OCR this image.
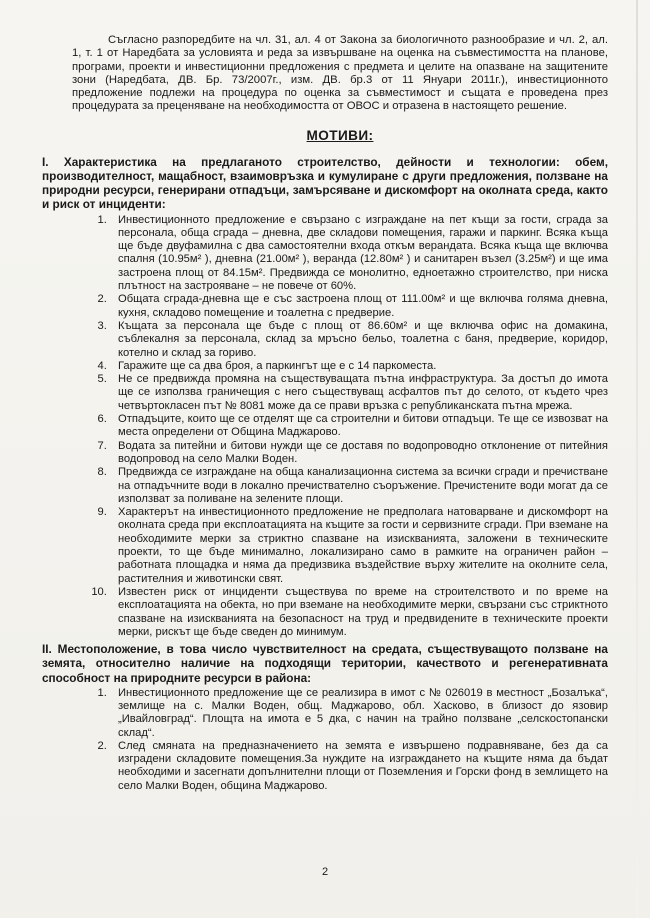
Съгласно разпоредбите на чл. 31, ал. 4 от Закона за биологичното разнообразие и чл. 2, ал. 1, т. 1 от Наредбата за условията и реда за извършване на оценка на съвместимостта на планове, програми, проекти и инвестиционни предложения с предмета и целите на опазване на защитените зони (Наредбата, ДВ. Бр. 73/2007г., изм. ДВ. бр.3 от 11 Януари 2011г.), инвестиционното предложение подлежи на процедура по оценка за съвместимост и същата е проведена през процедурата за преценяване на необходимостта от ОВОС и отразена в настоящето решение.

МОТИВИ:
I. Характеристика на предлаганото строителство, дейности и технологии: обем, производителност, мащабност, взаимовръзка и кумулиране с други предложения, ползване на природни ресурси, генерирани отпадъци, замърсяване и дискомфорт на околната среда, както и риск от инциденти:
1. Инвестиционното предложение е свързано с изграждане на пет къщи за гости, сграда за персонала, обща сграда – дневна, две складови помещения, гаражи и паркинг. Всяка къща ще бъде двуфамилна с два самостоятелни входа откъм верандата. Всяка къща ще включва спалня (10.95м² ), дневна (21.00м² ), веранда (12.80м² ) и санитарен възел (3.25м²) и ще има застроена площ от 84.15м². Предвижда се монолитно, едноетажно строителство, при ниска плътност на застрояване – не повече от 60%.
2. Общата сграда-дневна ще е със застроена площ от 111.00м² и ще включва голяма дневна, кухня, складово помещение и тоалетна с предверие.
3. Къщата за персонала ще бъде с площ от 86.60м² и ще включва офис на домакина, съблекалня за персонала, склад за мръсно бельо, тоалетна с баня, предверие, коридор, котелно и склад за гориво.
4. Гаражите ще са два броя, а паркингът ще е с 14 паркоместа.
5. Не се предвижда промяна на съществуващата пътна инфраструктура. За достъп до имота ще се използва граничещия с него съществуващ асфалтов път до селото, от където чрез четвъртокласен път № 8081 може да се прави връзка с републиканската пътна мрежа.
6. Отпадъците, които ще се отделят ще са строителни и битови отпадъци. Те ще се извозват на места определени от Община Маджарово.
7. Водата за питейни и битови нужди ще се доставя по водопроводно отклонение от питейния водопровод на село Малки Воден.
8. Предвижда се изграждане на обща канализационна система за всички сгради и пречистване на отпадъчните води в локално пречиствателно съоръжение. Пречистените води могат да се използват за поливане на зелените площи.
9. Характерът на инвестиционното предложение не предполага натоварване и дискомфорт на околната среда при експлоатацията на къщите за гости и сервизните сгради. При вземане на необходимите мерки за стриктно спазване на изискванията, заложени в техническите проекти, то ще бъде минимално, локализирано само в рамките на ограничен район – работната площадка и няма да предизвика въздействие върху жителите на околните села, растителния и животински свят.
10. Известен риск от инциденти съществува по време на строителството и по време на експлоатацията на обекта, но при вземане на необходимите мерки, свързани със стриктното спазване на изискванията на безопасност на труд и предвидените в техническите проекти мерки, рискът ще бъде сведен до минимум.
II. Местоположение, в това число чувствителност на средата, съществуващото ползване на земята, относително наличие на подходящи територии, качеството и регенеративната способност на природните ресурси в района:
1. Инвестиционното предложение ще се реализира в имот с № 026019 в местност „Бозалъка“, землище на с. Малки Воден, общ. Маджарово, обл. Хасково, в близост до язовир „Ивайловград“. Площта на имота е 5 дка, с начин на трайно ползване „селскостопански склад“.
2. След смяната на предназначението на земята е извършено подравняване, без да са изградени складовите помещения.За нуждите на изграждането на къщите няма да бъдат необходими и засегнати допълнителни площи от Поземления и Горски фонд в землището на село Малки Воден, община Маджарово.
2
